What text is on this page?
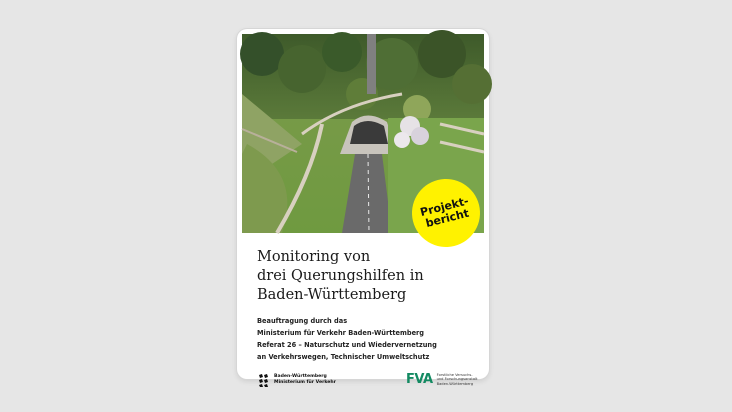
Projekt-
bericht
Monitoring von
drei Querungshilfen in
Baden-Württemberg
Beauftragung durch das
Ministerium für Verkehr Baden-Württemberg
Referat 26 – Naturschutz und Wiedervernetzung
an Verkehrswegen, Technischer Umweltschutz
Baden-Württemberg
Ministerium für Verkehr	FVA Forstliche Versuchs-
und Forschungsanstalt
Baden-Württemberg
